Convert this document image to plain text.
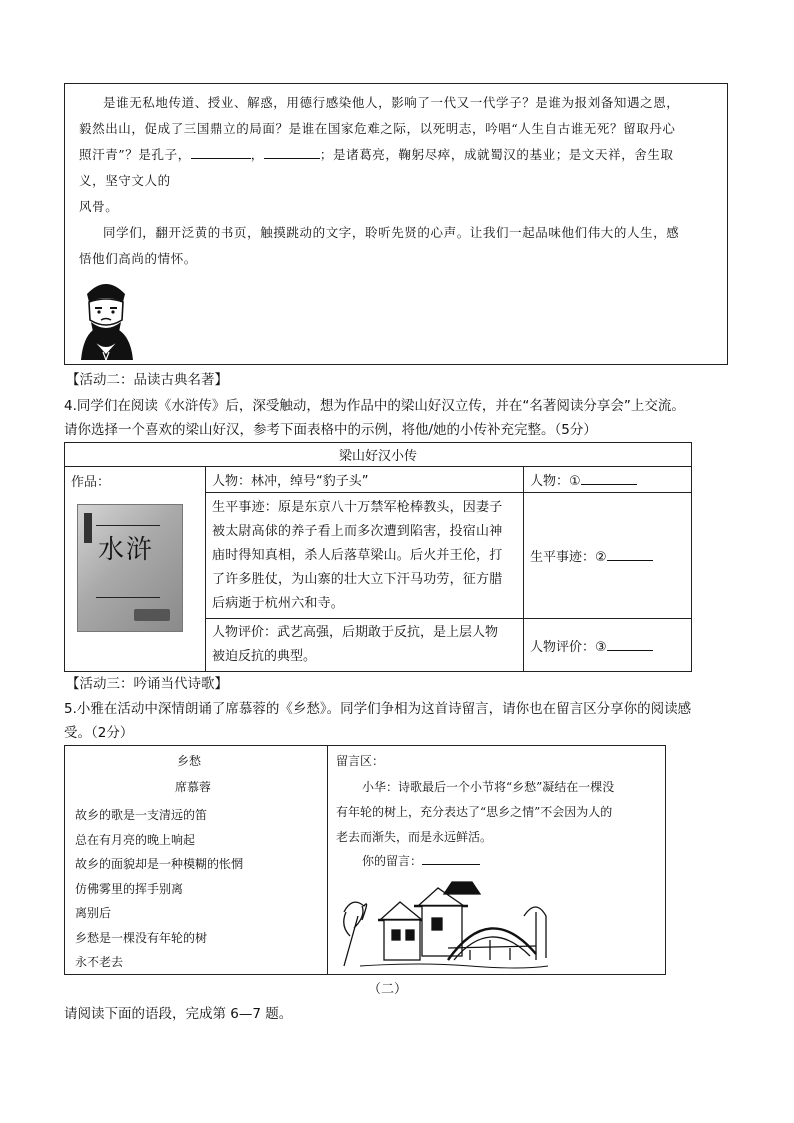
是谁无私地传道、授业、解惑，用德行感染他人，影响了一代又一代学子？是谁为报刘备知遇之恩，
毅然出山，促成了三国鼎立的局面？是谁在国家危难之际，以死明志，吟唱“人生自古谁无死？留取丹心
照汗青”？是孔子，	，	；是诸葛亮，鞠躬尽瘁，成就蜀汉的基业；是文天祥，舍生取
义，坚守文人的
风骨。
同学们，翻开泛黄的书页，触摸跳动的文字，聆听先贤的心声。让我们一起品味他们伟大的人生，感
悟他们高尚的情怀。
【活动二：品读古典名著】
4.同学们在阅读《水浒传》后，深受触动，想为作品中的梁山好汉立传，并在“名著阅读分享会”上交流。
请你选择一个喜欢的梁山好汉，参考下面表格中的示例，将他/她的小传补充完整。（5分）
梁山好汉小传		

作品：
水浒	人物：林冲，绰号“豹子头”	人物：①

	生平事迹：原是东京八十万禁军枪棒教头，因妻子
被太尉高俅的养子看上而多次遭到陷害，投宿山神
庙时得知真相，杀人后落草梁山。后火并王伦，打
了许多胜仗，为山寨的壮大立下汗马功劳，征方腊
后病逝于杭州六和寺。	生平事迹：②

	人物评价：武艺高强，后期敢于反抗，是上层人物
被迫反抗的典型。	人物评价：③
【活动三：吟诵当代诗歌】
5.小雅在活动中深情朗诵了席慕蓉的《乡愁》。同学们争相为这首诗留言，请你也在留言区分享你的阅读感
受。（2分）
乡愁
席慕蓉
故乡的歌是一支清远的笛
总在有月亮的晚上响起
故乡的面貌却是一种模糊的怅惘
仿佛雾里的挥手别离
离别后
乡愁是一棵没有年轮的树
永不老去

留言区：
小华：诗歌最后一个小节将“乡愁”凝结在一棵没
有年轮的树上，充分表达了“思乡之情”不会因为人的
老去而渐失，而是永远鲜活。
你的留言：
（二）
请阅读下面的语段，完成第 6—7 题。
